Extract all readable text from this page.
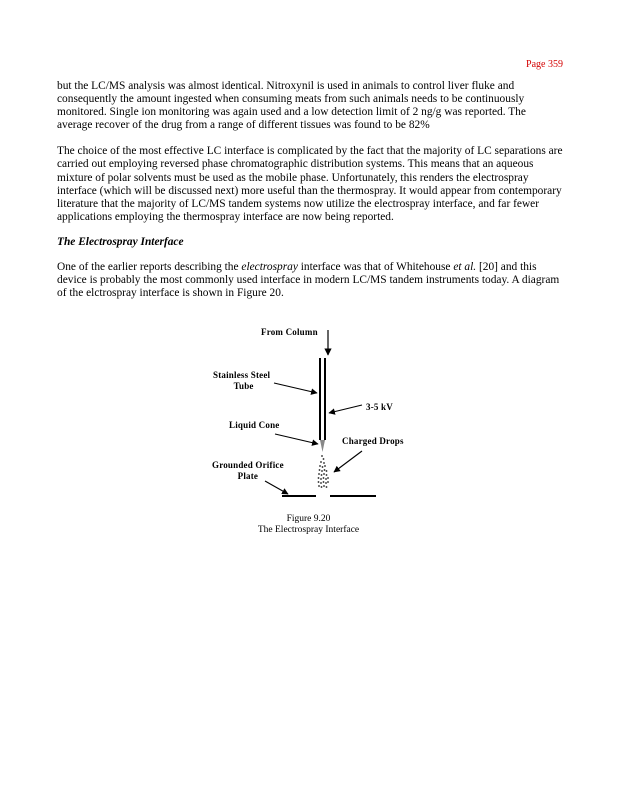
Page 359

but the LC/MS analysis was almost identical. Nitroxynil is used in animals to control liver fluke and consequently the amount ingested when consuming meats from such animals needs to be continuously monitored. Single ion monitoring was again used and a low detection limit of 2 ng/g was reported. The average recover of the drug from a range of different tissues was found to be 82%

The choice of the most effective LC interface is complicated by the fact that the majority of LC separations are carried out employing reversed phase chromatographic distribution systems. This means that an aqueous mixture of polar solvents must be used as the mobile phase. Unfortunately, this renders the electrospray interface (which will be discussed next) more useful than the thermospray. It would appear from contemporary literature that the majority of LC/MS tandem systems now utilize the electrospray interface, and far fewer applications employing the thermospray interface are now being reported.

The Electrospray Interface

One of the earlier reports describing the electrospray interface was that of Whitehouse et al. [20] and this device is probably the most commonly used interface in modern LC/MS tandem instruments today. A diagram of the elctrospray interface is shown in Figure 20.

From Column
Stainless Steel
Tube
3-5 kV
Liquid Cone
Charged Drops
Grounded Orifice
Plate
Figure 9.20
The Electrospray Interface
